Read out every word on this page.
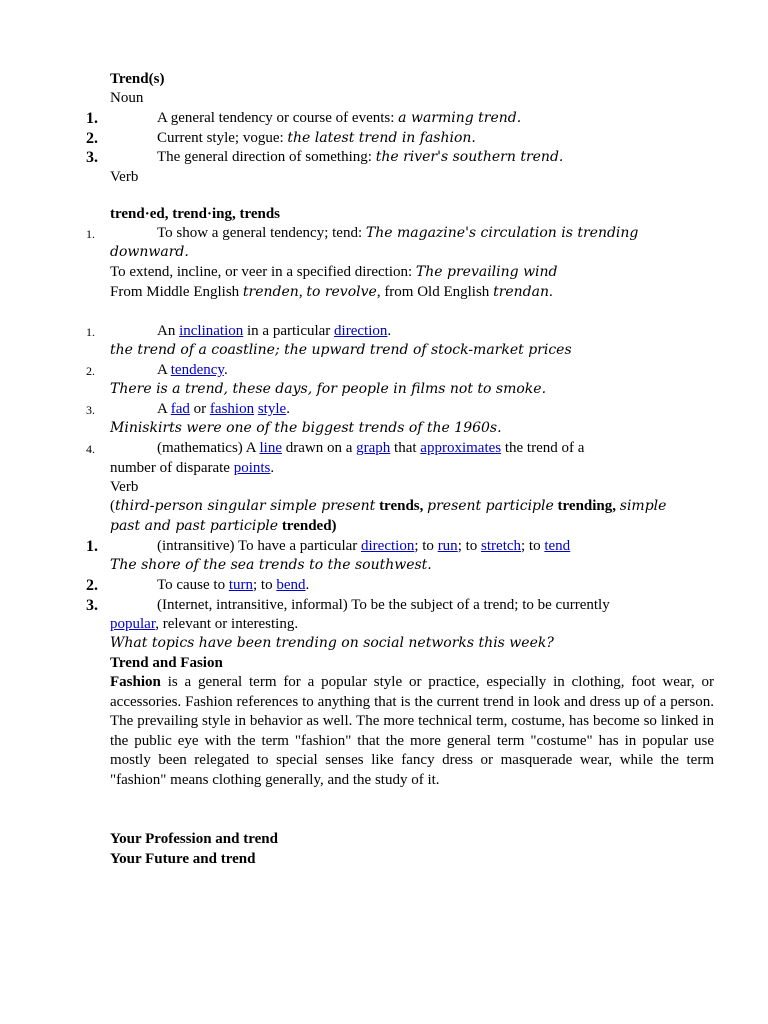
Trend(s)
Noun
1.	A general tendency or course of events: a warming trend.
2.	Current style; vogue: the latest trend in fashion.
3.	The general direction of something: the river's southern trend.
Verb
trend·ed, trend·ing, trends
1.	To show a general tendency; tend: The magazine's circulation is trending
downward.
To extend, incline, or veer in a specified direction: The prevailing wind
From Middle English trenden, to revolve, from Old English trendan.
1.	An inclination in a particular direction.
the trend of a coastline; the upward trend of stock-market prices
2.	A tendency.
There is a trend, these days, for people in films not to smoke.
3.	A fad or fashion style.
Miniskirts were one of the biggest trends of the 1960s.
4.	(mathematics) A line drawn on a graph that approximates the trend of a
number of disparate points.
Verb
(third-person singular simple present trends, present participle trending, simple
past and past participle trended)
1.	(intransitive) To have a particular direction; to run; to stretch; to tend
The shore of the sea trends to the southwest.
2.	To cause to turn; to bend.
3.	(Internet, intransitive, informal) To be the subject of a trend; to be currently
popular, relevant or interesting.
What topics have been trending on social networks this week?
Trend and Fasion
Fashion is a general term for a popular style or practice, especially in clothing, foot wear, or accessories. Fashion references to anything that is the current trend in look and dress up of a person. The prevailing style in behavior as well. The more technical term, costume, has become so linked in the public eye with the term "fashion" that the more general term "costume" has in popular use mostly been relegated to special senses like fancy dress or masquerade wear, while the term "fashion" means clothing generally, and the study of it.
Your Profession and trend
Your Future and trend
